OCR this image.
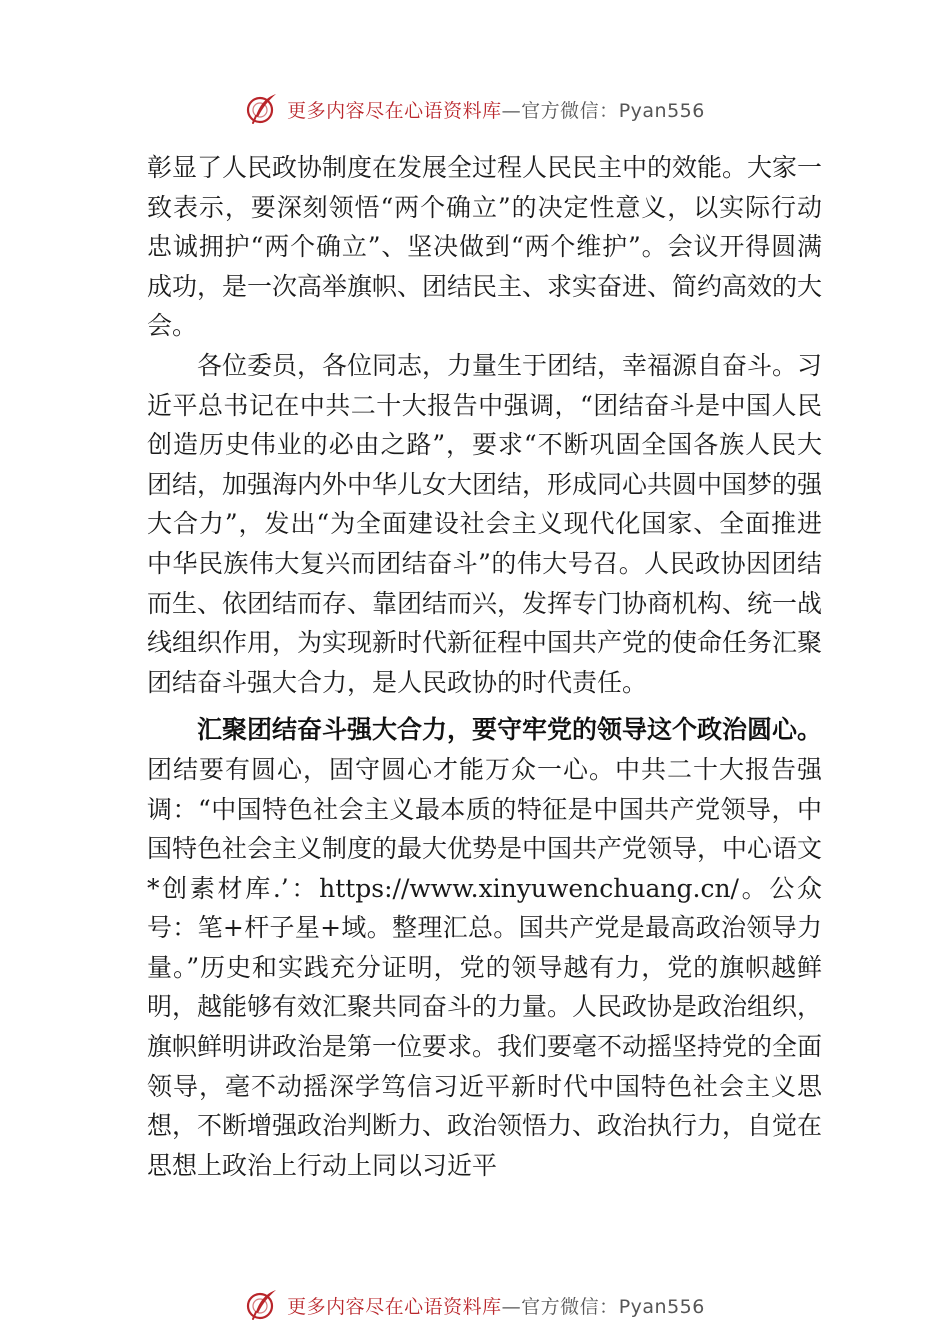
更多内容尽在心语资料库—官方微信：Pyan556

彰显了人民政协制度在发展全过程人民民主中的效能。大家一致表示，要深刻领悟“两个确立”的决定性意义，以实际行动忠诚拥护“两个确立”、坚决做到“两个维护”。会议开得圆满成功，是一次高举旗帜、团结民主、求实奋进、简约高效的大会。

各位委员，各位同志，力量生于团结，幸福源自奋斗。习近平总书记在中共二十大报告中强调，“团结奋斗是中国人民创造历史伟业的必由之路”，要求“不断巩固全国各族人民大团结，加强海内外中华儿女大团结，形成同心共圆中国梦的强大合力”，发出“为全面建设社会主义现代化国家、全面推进中华民族伟大复兴而团结奋斗”的伟大号召。人民政协因团结而生、依团结而存、靠团结而兴，发挥专门协商机构、统一战线组织作用，为实现新时代新征程中国共产党的使命任务汇聚团结奋斗强大合力，是人民政协的时代责任。

汇聚团结奋斗强大合力，要守牢党的领导这个政治圆心。团结要有圆心，固守圆心才能万众一心。中共二十大报告强调：“中国特色社会主义最本质的特征是中国共产党领导，中国特色社会主义制度的最大优势是中国共产党领导，中心语文*创素材库.’：https://www.xinyuwenchuang.cn/。公众号：笔+杆子星+域。整理汇总。国共产党是最高政治领导力量。”历史和实践充分证明，党的领导越有力，党的旗帜越鲜明，越能够有效汇聚共同奋斗的力量。人民政协是政治组织，旗帜鲜明讲政治是第一位要求。我们要毫不动摇坚持党的全面领导，毫不动摇深学笃信习近平新时代中国特色社会主义思想，不断增强政治判断力、政治领悟力、政治执行力，自觉在思想上政治上行动上同以习近平

更多内容尽在心语资料库—官方微信：Pyan556
